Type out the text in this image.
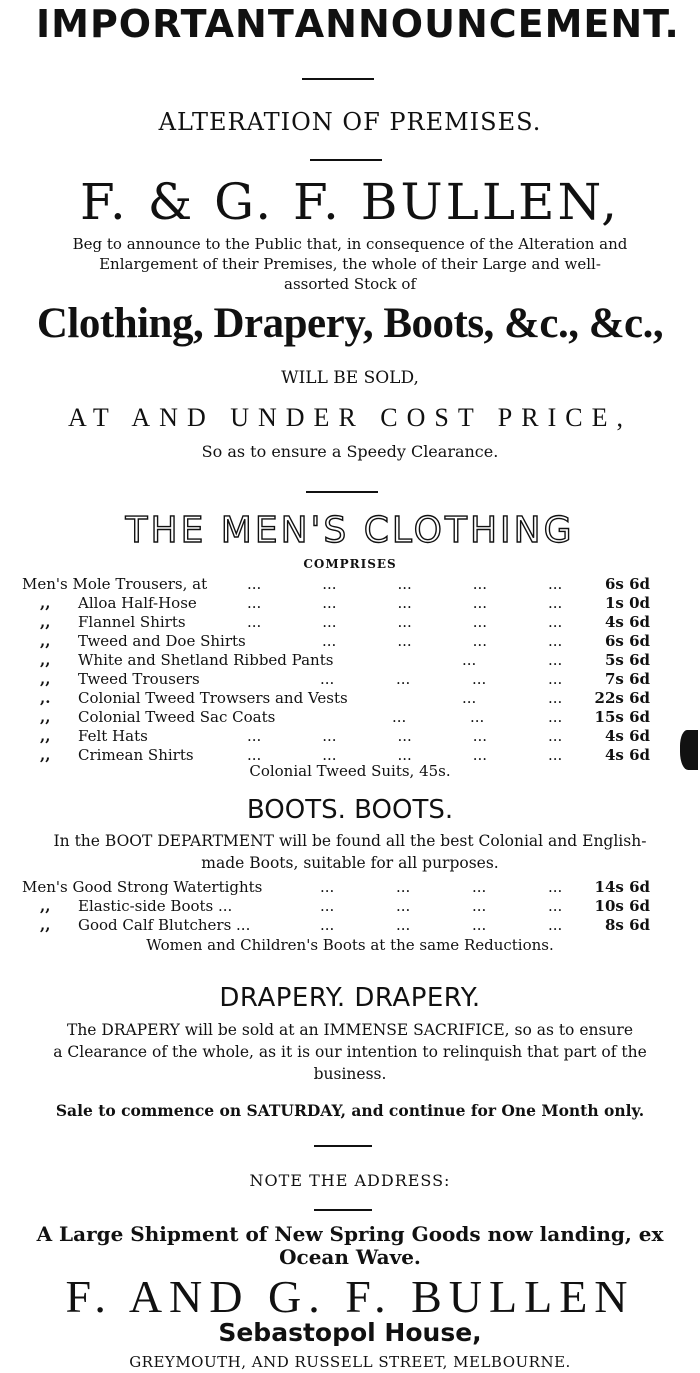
IMPORTANT ANNOUNCEMENT.
ALTERATION OF PREMISES.
F. & G. F. BULLEN,
Beg to announce to the Public that, in consequence of the Alteration and
Enlargement of their Premises, the whole of their Large and well-
assorted Stock of
Clothing, Drapery, Boots, &c., &c.,
WILL BE SOLD,
AT AND UNDER COST PRICE,
So as to ensure a Speedy Clearance.
THE MEN'S CLOTHING
COMPRISES
Men's Mole Trousers, at	...	...	...	...	...	6s 6d
,,	Alloa Half-Hose	...	...	...	...	...	1s 0d
,,	Flannel Shirts	...	...	...	...	...	4s 6d
,,	Tweed and Doe Shirts	...	...	...	...	6s 6d
,,	White and Shetland Ribbed Pants	...	...	5s 6d
,,	Tweed Trousers	...	...	...	...	7s 6d
,.	Colonial Tweed Trowsers and Vests	...	...	22s 6d
,,	Colonial Tweed Sac Coats	...	...	...	15s 6d
,,	Felt Hats	...	...	...	...	...	4s 6d
,,	Crimean Shirts	...	...	...	...	...	4s 6d
Colonial Tweed Suits, 45s.
BOOTS. BOOTS.
In the BOOT DEPARTMENT will be found all the best Colonial and English-
made Boots, suitable for all purposes.
Men's Good Strong Watertights	...	...	...	...	14s 6d
,,	Elastic-side Boots ...	...	...	...	...	10s 6d
,,	Good Calf Blutchers ...	...	...	...	...	8s 6d
Women and Children's Boots at the same Reductions.
DRAPERY. DRAPERY.
The DRAPERY will be sold at an IMMENSE SACRIFICE, so as to ensure
a Clearance of the whole, as it is our intention to relinquish that part of the
business.
Sale to commence on SATURDAY, and continue for One Month only.
NOTE THE ADDRESS:
A Large Shipment of New Spring Goods now landing, ex
Ocean Wave.
F. AND G. F. BULLEN
Sebastopol House,
GREYMOUTH, AND RUSSELL STREET, MELBOURNE.
